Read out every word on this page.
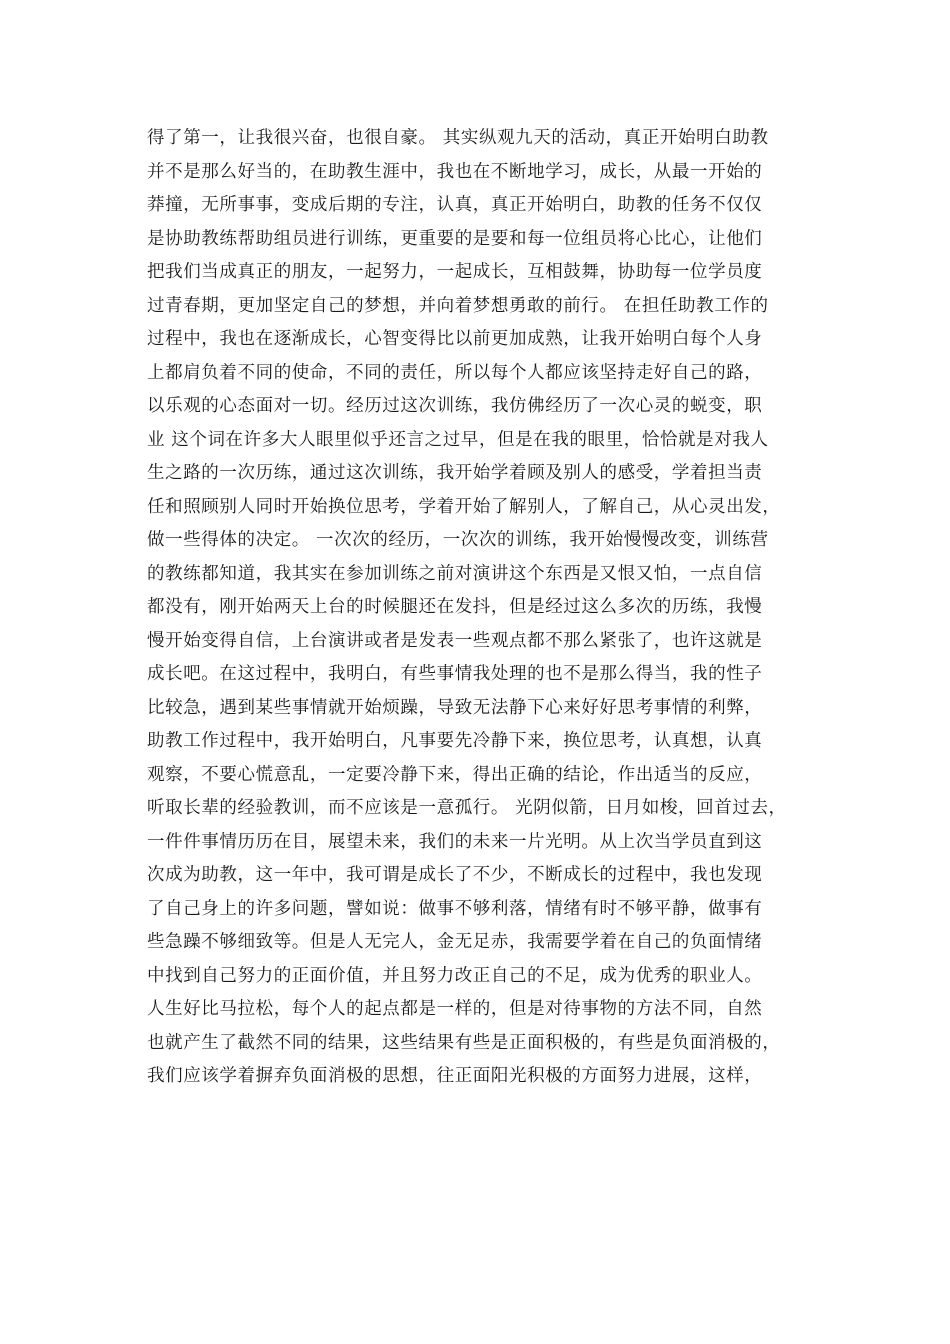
得了第一，让我很兴奋，也很自豪。 其实纵观九天的活动，真正开始明白助教
并不是那么好当的，在助教生涯中，我也在不断地学习，成长，从最一开始的
莽撞，无所事事，变成后期的专注，认真，真正开始明白，助教的任务不仅仅
是协助教练帮助组员进行训练，更重要的是要和每一位组员将心比心，让他们
把我们当成真正的朋友，一起努力，一起成长，互相鼓舞，协助每一位学员度
过青春期，更加坚定自己的梦想，并向着梦想勇敢的前行。 在担任助教工作的
过程中，我也在逐渐成长，心智变得比以前更加成熟，让我开始明白每个人身
上都肩负着不同的使命，不同的责任，所以每个人都应该坚持走好自己的路，
以乐观的心态面对一切。经历过这次训练，我仿佛经历了一次心灵的蜕变，职
业 这个词在许多大人眼里似乎还言之过早，但是在我的眼里，恰恰就是对我人
生之路的一次历练，通过这次训练，我开始学着顾及别人的感受，学着担当责
任和照顾别人同时开始换位思考，学着开始了解别人，了解自己，从心灵出发，
做一些得体的决定。 一次次的经历，一次次的训练，我开始慢慢改变，训练营
的教练都知道，我其实在参加训练之前对演讲这个东西是又恨又怕，一点自信
都没有，刚开始两天上台的时候腿还在发抖，但是经过这么多次的历练，我慢
慢开始变得自信，上台演讲或者是发表一些观点都不那么紧张了，也许这就是
成长吧。在这过程中，我明白，有些事情我处理的也不是那么得当，我的性子
比较急，遇到某些事情就开始烦躁，导致无法静下心来好好思考事情的利弊，
助教工作过程中，我开始明白，凡事要先冷静下来，换位思考，认真想，认真
观察，不要心慌意乱，一定要冷静下来，得出正确的结论，作出适当的反应，
听取长辈的经验教训，而不应该是一意孤行。 光阴似箭，日月如梭，回首过去，
一件件事情历历在目，展望未来，我们的未来一片光明。从上次当学员直到这
次成为助教，这一年中，我可谓是成长了不少，不断成长的过程中，我也发现
了自己身上的许多问题，譬如说：做事不够利落，情绪有时不够平静，做事有
些急躁不够细致等。但是人无完人，金无足赤，我需要学着在自己的负面情绪
中找到自己努力的正面价值，并且努力改正自己的不足，成为优秀的职业人。
人生好比马拉松，每个人的起点都是一样的，但是对待事物的方法不同，自然
也就产生了截然不同的结果，这些结果有些是正面积极的，有些是负面消极的，
我们应该学着摒弃负面消极的思想，往正面阳光积极的方面努力进展，这样，
